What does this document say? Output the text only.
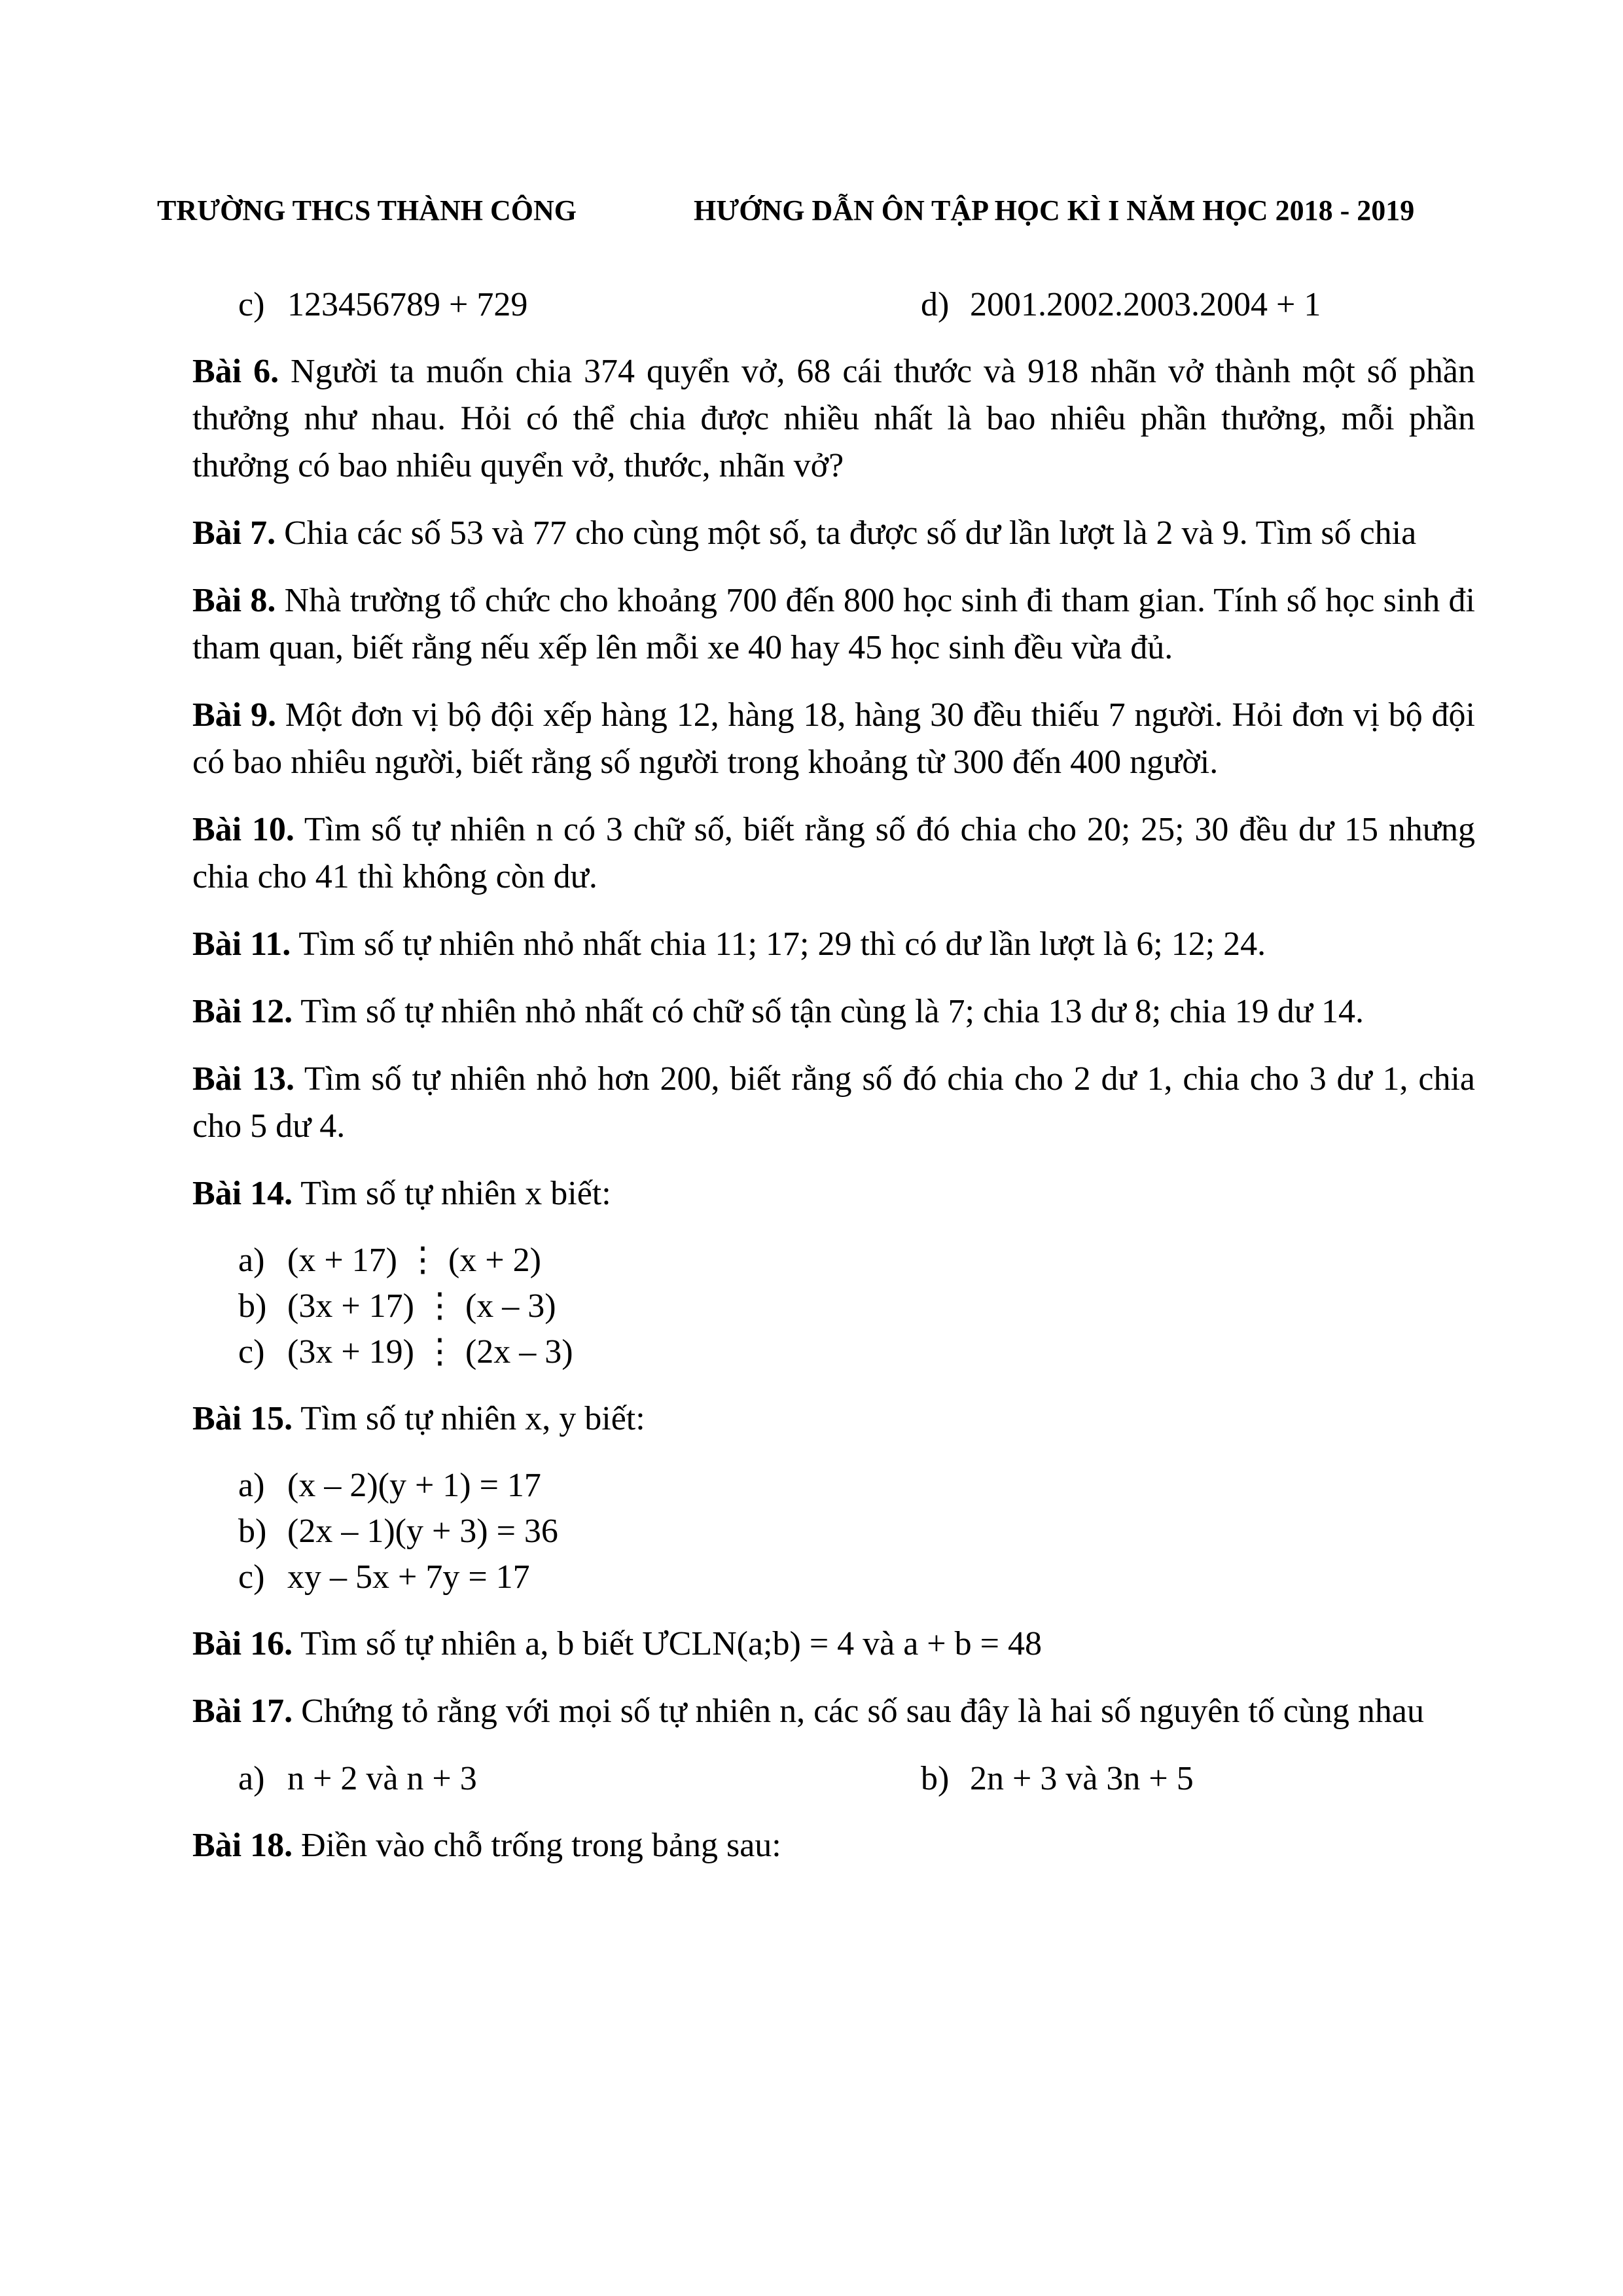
TRƯỜNG THCS THÀNH CÔNG	HƯỚNG DẪN ÔN TẬP HỌC KÌ I NĂM HỌC 2018 - 2019
c) 123456789 + 729	d) 2001.2002.2003.2004 + 1

Bài 6. Người ta muốn chia 374 quyển vở, 68 cái thước và 918 nhãn vở thành một số phần thưởng như nhau. Hỏi có thể chia được nhiều nhất là bao nhiêu phần thưởng, mỗi phần thưởng có bao nhiêu quyển vở, thước, nhãn vở?

Bài 7. Chia các số 53 và 77 cho cùng một số, ta được số dư lần lượt là 2 và 9. Tìm số chia

Bài 8. Nhà trường tổ chức cho khoảng 700 đến 800 học sinh đi tham gian. Tính số học sinh đi tham quan, biết rằng nếu xếp lên mỗi xe 40 hay 45 học sinh đều vừa đủ.

Bài 9. Một đơn vị bộ đội xếp hàng 12, hàng 18, hàng 30 đều thiếu 7 người. Hỏi đơn vị bộ đội có bao nhiêu người, biết rằng số người trong khoảng từ 300 đến 400 người.

Bài 10. Tìm số tự nhiên n có 3 chữ số, biết rằng số đó chia cho 20; 25; 30 đều dư 15 nhưng chia cho 41 thì không còn dư.

Bài 11. Tìm số tự nhiên nhỏ nhất chia 11; 17; 29 thì có dư lần lượt là 6; 12; 24.

Bài 12. Tìm số tự nhiên nhỏ nhất có chữ số tận cùng là 7; chia 13 dư 8; chia 19 dư 14.

Bài 13. Tìm số tự nhiên nhỏ hơn 200, biết rằng số đó chia cho 2 dư 1, chia cho 3 dư 1, chia cho 5 dư 4.

Bài 14. Tìm số tự nhiên x biết:

a) (x + 17) ⋮ (x + 2)
b) (3x + 17) ⋮ (x – 3)
c) (3x + 19) ⋮ (2x – 3)

Bài 15. Tìm số tự nhiên x, y biết:

a) (x – 2)(y + 1) = 17
b) (2x – 1)(y + 3) = 36
c) xy – 5x + 7y = 17

Bài 16. Tìm số tự nhiên a, b biết ƯCLN(a;b) = 4 và a + b = 48

Bài 17. Chứng tỏ rằng với mọi số tự nhiên n, các số sau đây là hai số nguyên tố cùng nhau

a) n + 2 và n + 3	b) 2n + 3 và 3n + 5

Bài 18. Điền vào chỗ trống trong bảng sau:
